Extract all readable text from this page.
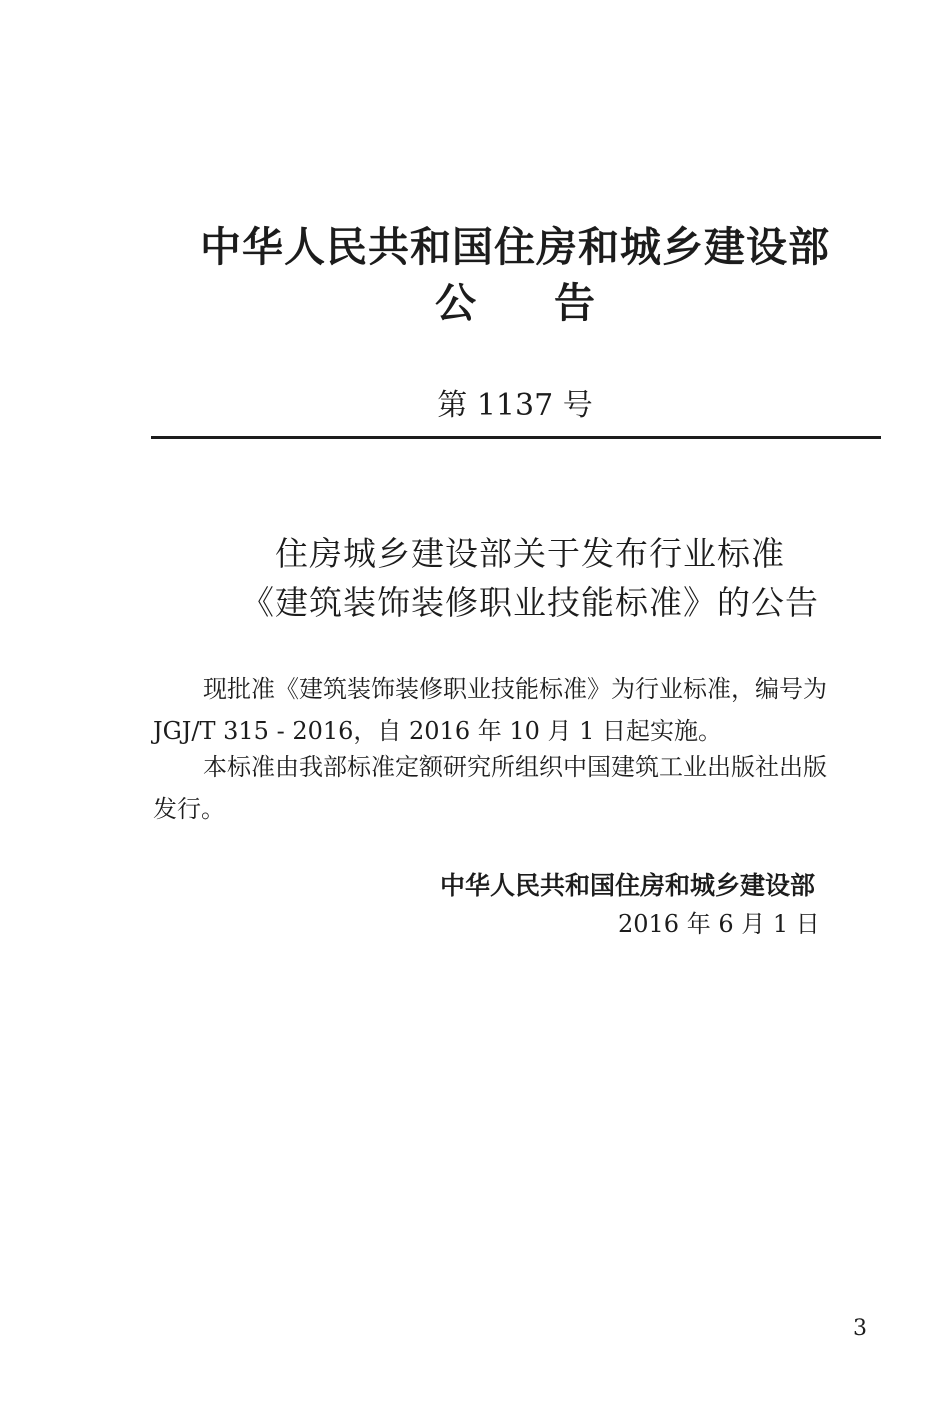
中华人民共和国住房和城乡建设部
公告
第 1137 号
住房城乡建设部关于发布行业标准
《建筑装饰装修职业技能标准》的公告
现批准《建筑装饰装修职业技能标准》为行业标准，编号为
JGJ/T 315 - 2016，自 2016 年 10 月 1 日起实施。
本标准由我部标准定额研究所组织中国建筑工业出版社出版
发行。
中华人民共和国住房和城乡建设部
2016 年 6 月 1 日
3
